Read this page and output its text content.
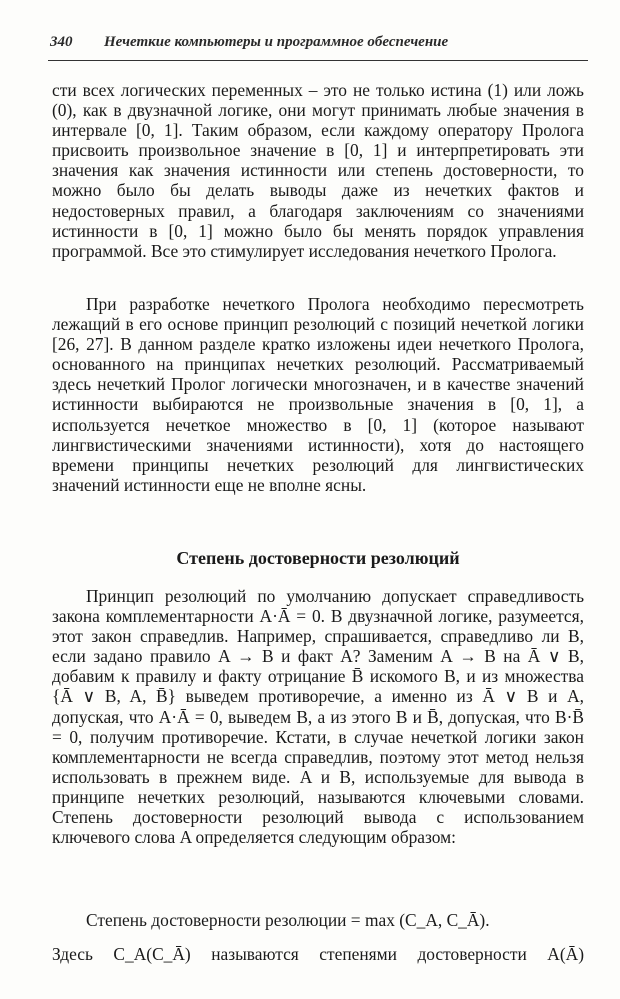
340 Нечеткие компьютеры и программное обеспечение

сти всех логических переменных – это не только истина (1) или ложь (0), как в двузначной логике, они могут принимать любые значения в интервале [0, 1]. Таким образом, если каждому оператору Пролога присвоить произвольное значение в [0, 1] и интерпретировать эти значения как значения истинности или степень достоверности, то можно было бы делать выводы даже из нечетких фактов и недостоверных правил, а благодаря заключениям со значениями истинности в [0, 1] можно было бы менять порядок управления программой. Все это стимулирует исследования нечеткого Пролога.

При разработке нечеткого Пролога необходимо пересмотреть лежащий в его основе принцип резолюций с позиций нечеткой логики [26, 27]. В данном разделе кратко изложены идеи нечеткого Пролога, основанного на принципах нечетких резолюций. Рассматриваемый здесь нечеткий Пролог логически многозначен, и в качестве значений истинности выбираются не произвольные значения в [0, 1], а используется нечеткое множество в [0, 1] (которое называют лингвистическими значениями истинности), хотя до настоящего времени принципы нечетких резолюций для лингвистических значений истинности еще не вполне ясны.

Степень достоверности резолюций

Принцип резолюций по умолчанию допускает справедливость закона комплементарности A·Ā = 0. В двузначной логике, разумеется, этот закон справедлив. Например, спрашивается, справедливо ли B, если задано правило A → B и факт A? Заменим A → B на Ā ∨ B, добавим к правилу и факту отрицание B̄ искомого B, и из множества {Ā ∨ B, A, B̄} выведем противоречие, а именно из Ā ∨ B и A, допуская, что A·Ā = 0, выведем B, а из этого B и B̄, допуская, что B·B̄ = 0, получим противоречие. Кстати, в случае нечеткой логики закон комплементарности не всегда справедлив, поэтому этот метод нельзя использовать в прежнем виде. A и B, используемые для вывода в принципе нечетких резолюций, называются ключевыми словами. Степень достоверности резолюций вывода с использованием ключевого слова A определяется следующим образом:

Степень достоверности резолюции = max (C_A, C_Ā).
Здесь C_A(C_Ā) называются степенями достоверности A(Ā)
